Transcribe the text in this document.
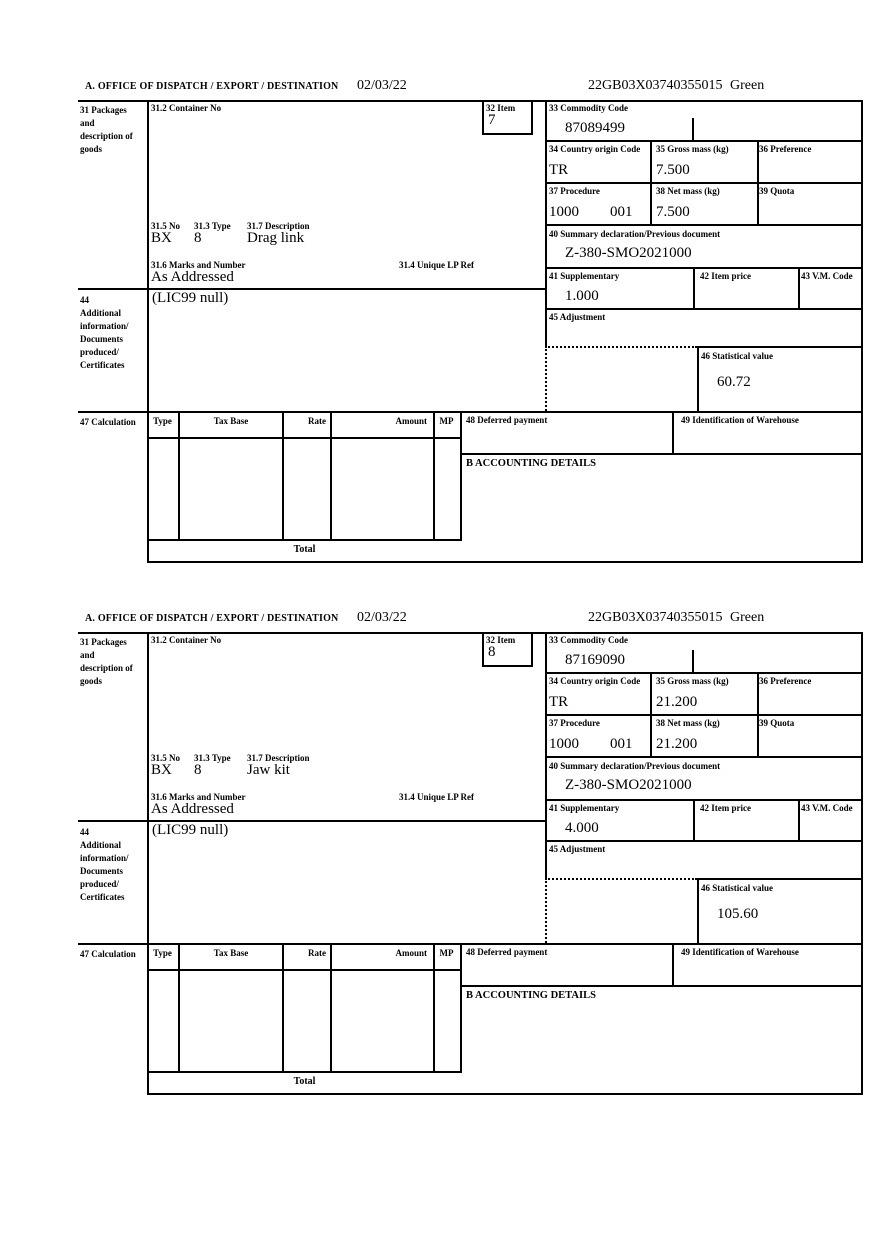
A. OFFICE OF DISPATCH / EXPORT / DESTINATION 02/03/22	22GB03X03740355015 Green
31 Packages and description of goods
44 Additional information/ Documents produced/ Certificates
47 Calculation
31.2 Container No	32 Item
7
31.5 No 31.3 Type 31.7 Description
BX 8	Drag link
31.6 Marks and Number	31.4 Unique LP Ref
As Addressed
(LIC99 null)
33 Commodity Code
87089499
34 Country origin Code
TR
35 Gross mass (kg)
7.500
36 Preference
37 Procedure
1000 001
38 Net mass (kg)
7.500
39 Quota
40 Summary declaration/Previous document
Z-380-SMO2021000
41 Supplementary
1.000
42 Item price	43 V.M. Code
45 Adjustment
46 Statistical value
60.72
Type	Tax Base	Rate	Amount	MP
Total
48 Deferred payment	49 Identification of Warehouse
B ACCOUNTING DETAILS
A. OFFICE OF DISPATCH / EXPORT / DESTINATION 02/03/22	22GB03X03740355015 Green
31 Packages and description of goods
44 Additional information/ Documents produced/ Certificates
47 Calculation
31.2 Container No	32 Item
8
31.5 No 31.3 Type 31.7 Description
BX 8	Jaw kit
31.6 Marks and Number	31.4 Unique LP Ref
As Addressed
(LIC99 null)
33 Commodity Code
87169090
34 Country origin Code
TR
35 Gross mass (kg)
21.200
36 Preference
37 Procedure
1000 001
38 Net mass (kg)
21.200
39 Quota
40 Summary declaration/Previous document
Z-380-SMO2021000
41 Supplementary
4.000
42 Item price	43 V.M. Code
45 Adjustment
46 Statistical value
105.60
Type	Tax Base	Rate	Amount	MP
Total
48 Deferred payment	49 Identification of Warehouse
B ACCOUNTING DETAILS
